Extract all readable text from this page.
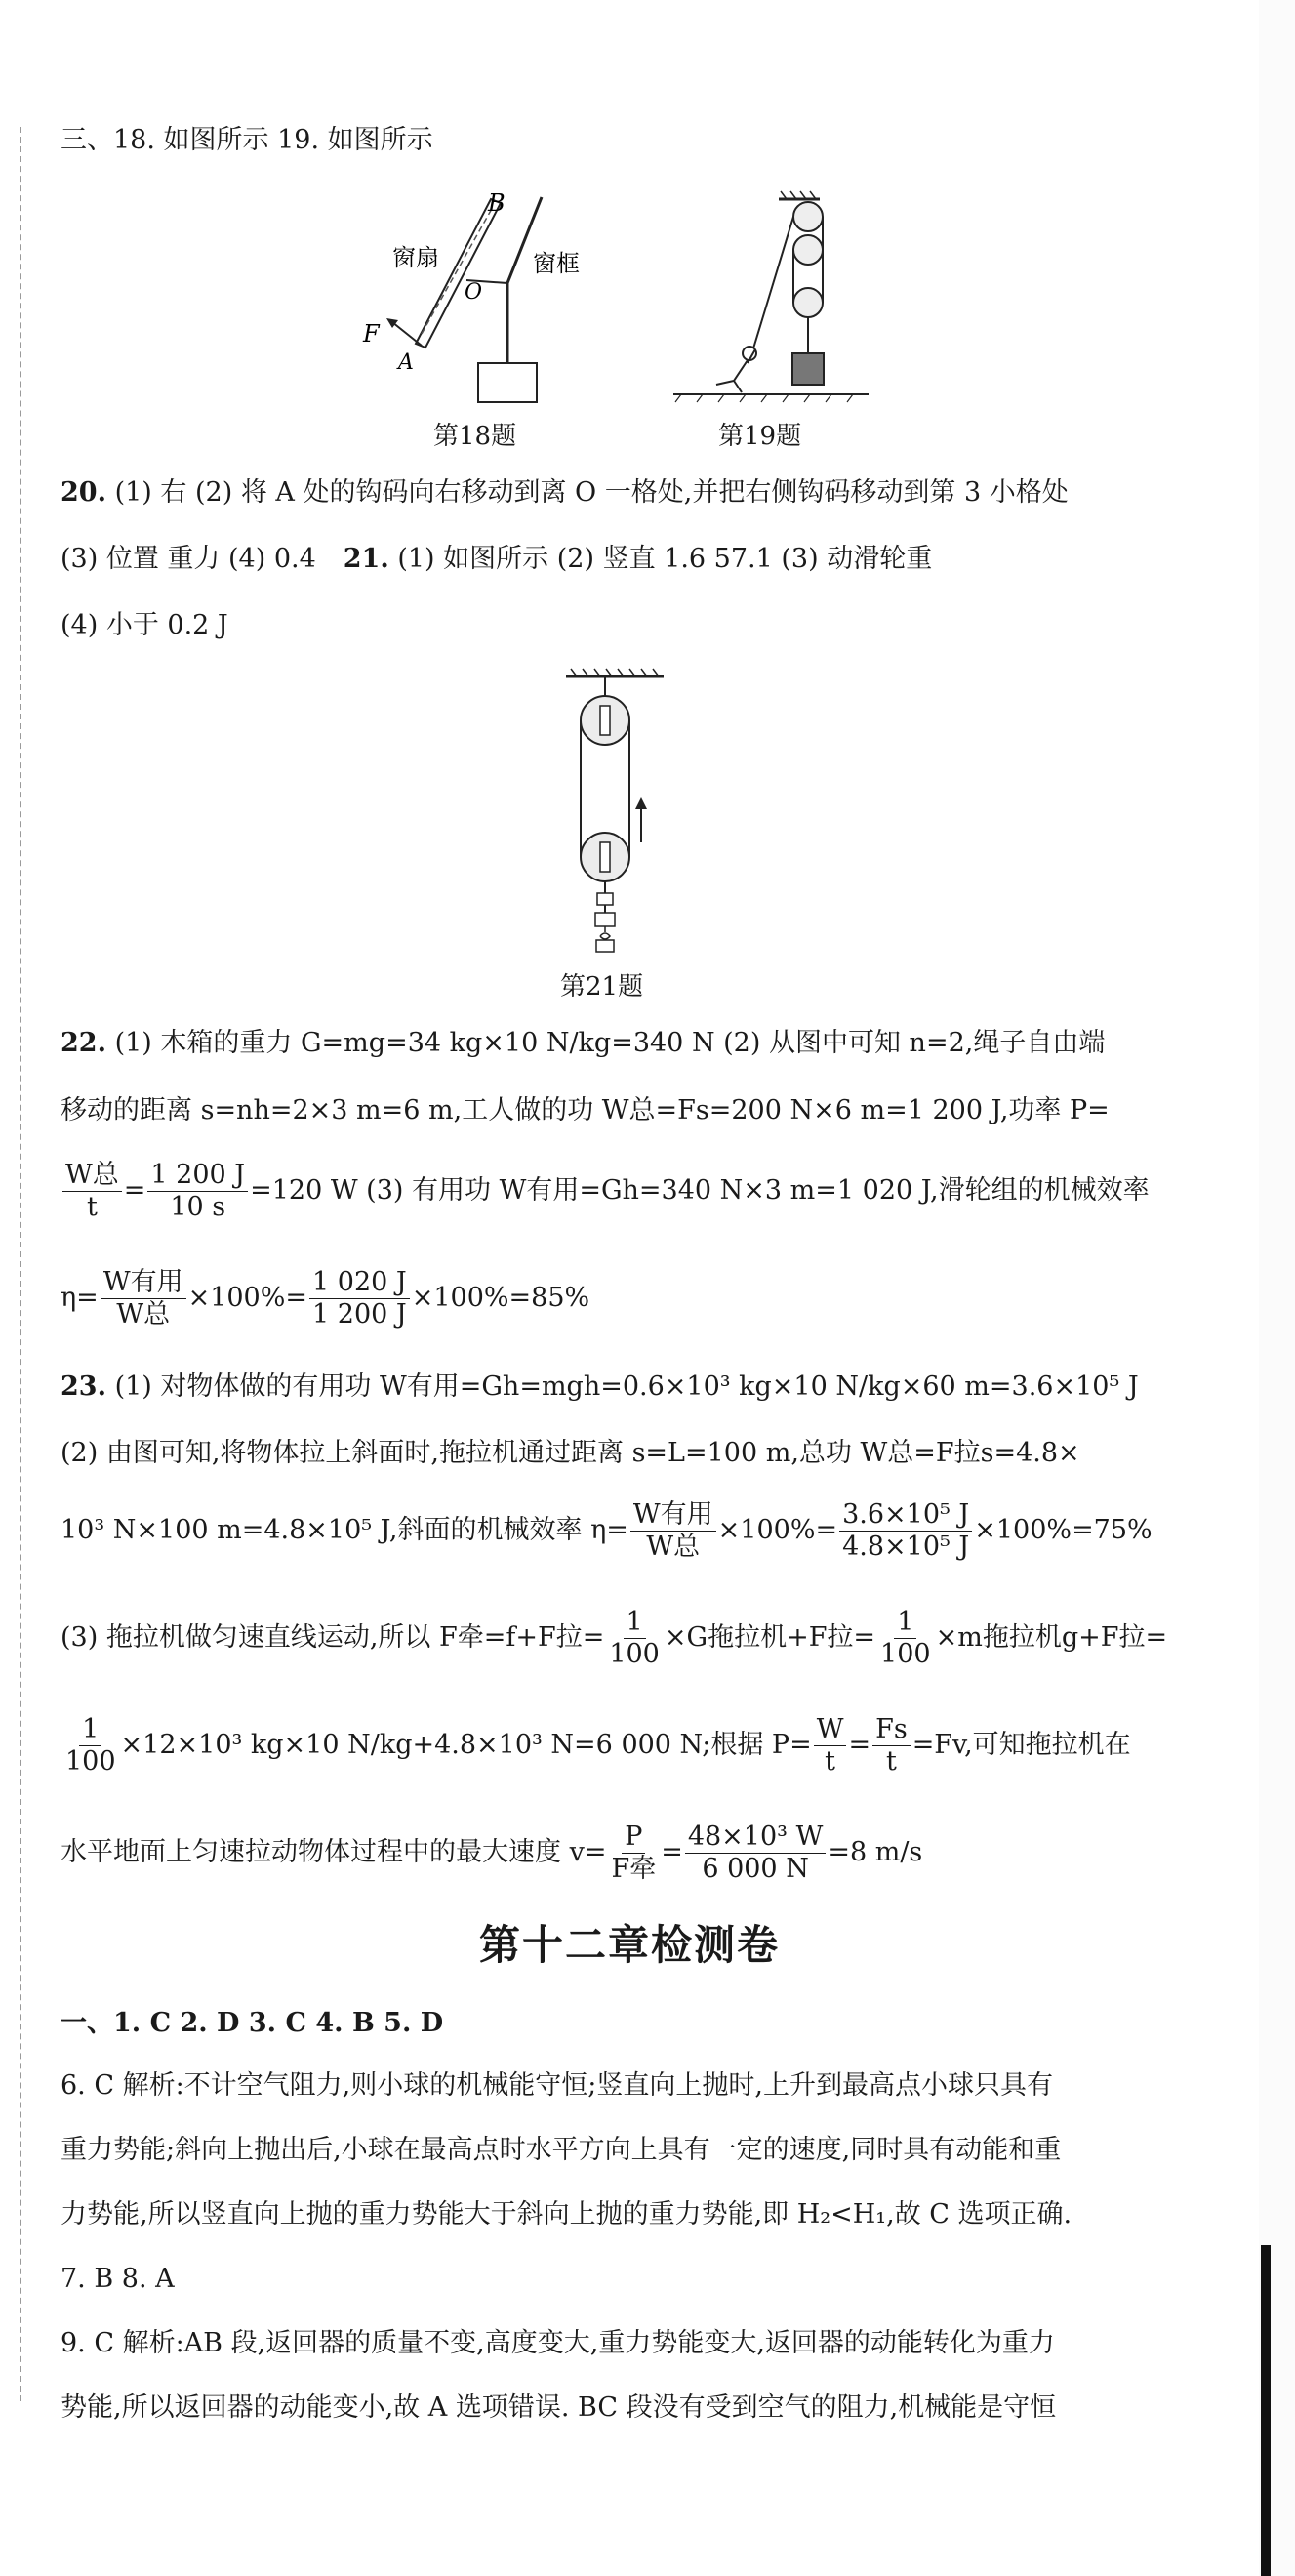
三、18. 如图所示 19. 如图所示
B
窗扇	窗框
O
F
A
第18题	第19题
20. (1) 右 (2) 将 A 处的钩码向右移动到离 O 一格处,并把右侧钩码移动到第 3 小格处
(3) 位置 重力 (4) 0.4 21. (1) 如图所示 (2) 竖直 1.6 57.1 (3) 动滑轮重
(4) 小于 0.2 J
第21题
22. (1) 木箱的重力 G=mg=34 kg×10 N/kg=340 N (2) 从图中可知 n=2,绳子自由端
移动的距离 s=nh=2×3 m=6 m,工人做的功 W总=Fs=200 N×6 m=1 200 J,功率 P=
$\frac{\text{W总}}{t} = \frac{1 200 J}{10 s} =120$ W (3) 有用功 W有用=Gh=340 N×3 m=1 020 J,滑轮组的机械效率
$\eta= \frac{\text{W有用}}{\text{W总}} \times 100\%= \frac{1 020 J}{1 200 J} \times 100\%=85\%$
23. (1) 对物体做的有用功 W有用=Gh=mgh=0.6×10³ kg×10 N/kg×60 m=3.6×10⁵ J
(2) 由图可知,将物体拉上斜面时,拖拉机通过距离 s=L=100 m,总功 W总=F拉s=4.8×
10³ N×100 m=4.8×10⁵ J,斜面的机械效率 $\eta= \frac{\text{W有用}}{\text{W总}} \times 100\%= \frac{\text{3.6×10⁵ J}}{\text{4.8×10⁵ J}} \times 100\%=75\%$
(3) 拖拉机做匀速直线运动,所以 F牵=f+F拉= $\frac{1}{100} \times G$拖拉机+F拉= $\frac{1}{100} \times m$拖拉机g+F拉=
$\frac{1}{100} \times 12\times 10^3$ kg×10 N/kg+4.8×10³ N=6 000 N;根据 $P= \frac{W}{t} = \frac{Fs}{t} =Fv$,可知拖拉机在
水平地面上匀速拉动物体过程中的最大速度 $v= \frac{P}{\text{F牵}} = \frac{\text{48×10³ W}}{6 000 N} =8$ m/s
第十二章检测卷
一、1. C 2. D 3. C 4. B 5. D
6. C 解析:不计空气阻力,则小球的机械能守恒;竖直向上抛时,上升到最高点小球只具有
重力势能;斜向上抛出后,小球在最高点时水平方向上具有一定的速度,同时具有动能和重
力势能,所以竖直向上抛的重力势能大于斜向上抛的重力势能,即 H₂<H₁,故 C 选项正确.
7. B 8. A
9. C 解析:AB 段,返回器的质量不变,高度变大,重力势能变大,返回器的动能转化为重力
势能,所以返回器的动能变小,故 A 选项错误. BC 段没有受到空气的阻力,机械能是守恒
